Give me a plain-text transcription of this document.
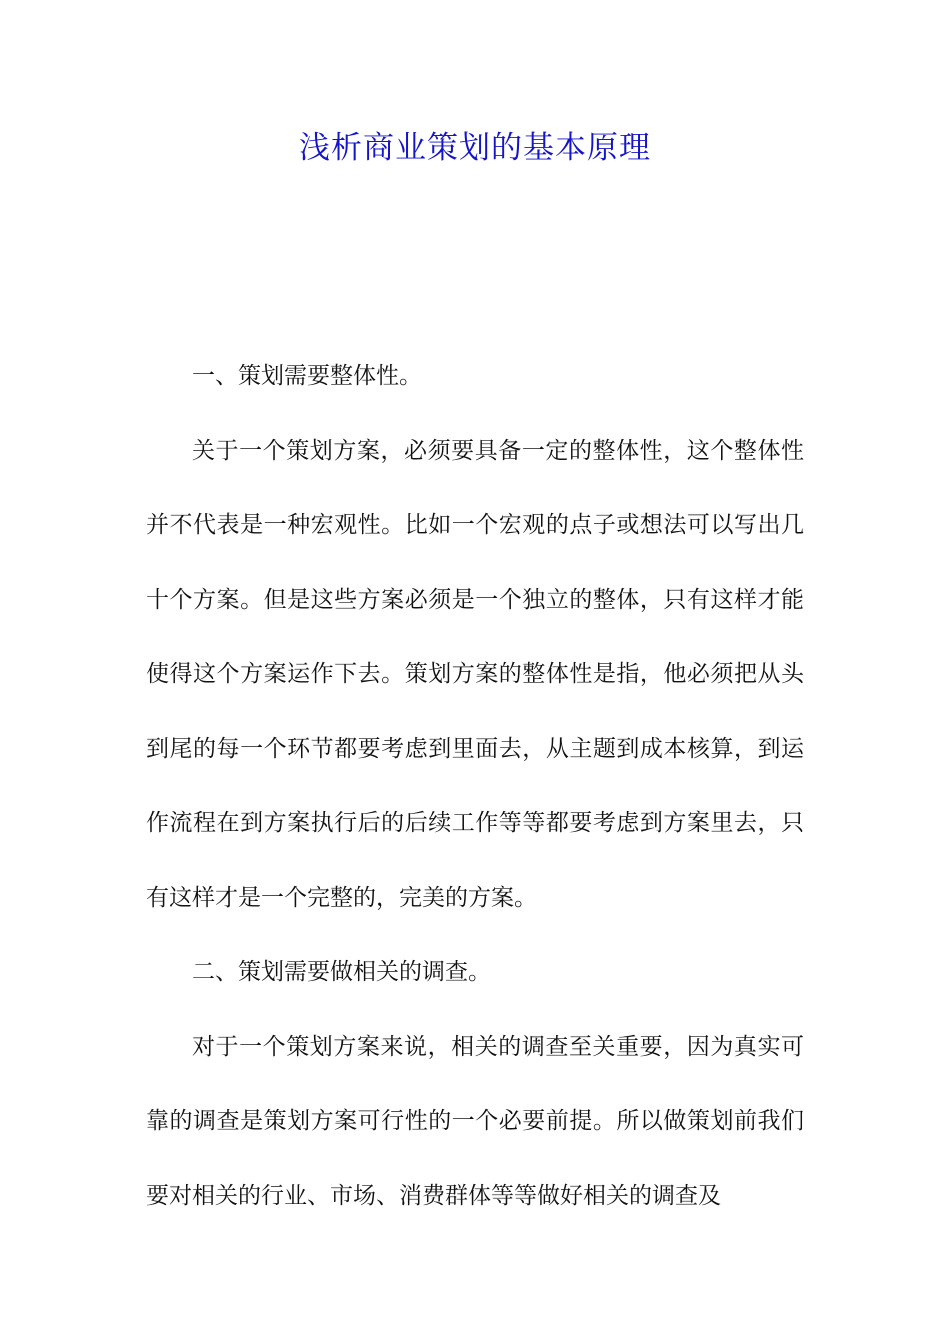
浅析商业策划的基本原理

一、策划需要整体性。

关于一个策划方案，必须要具备一定的整体性，这个整体性并不代表是一种宏观性。比如一个宏观的点子或想法可以写出几十个方案。但是这些方案必须是一个独立的整体，只有这样才能使得这个方案运作下去。策划方案的整体性是指，他必须把从头到尾的每一个环节都要考虑到里面去，从主题到成本核算，到运作流程在到方案执行后的后续工作等等都要考虑到方案里去，只有这样才是一个完整的，完美的方案。

二、策划需要做相关的调查。

对于一个策划方案来说，相关的调查至关重要，因为真实可靠的调查是策划方案可行性的一个必要前提。所以做策划前我们要对相关的行业、市场、消费群体等等做好相关的调查及
